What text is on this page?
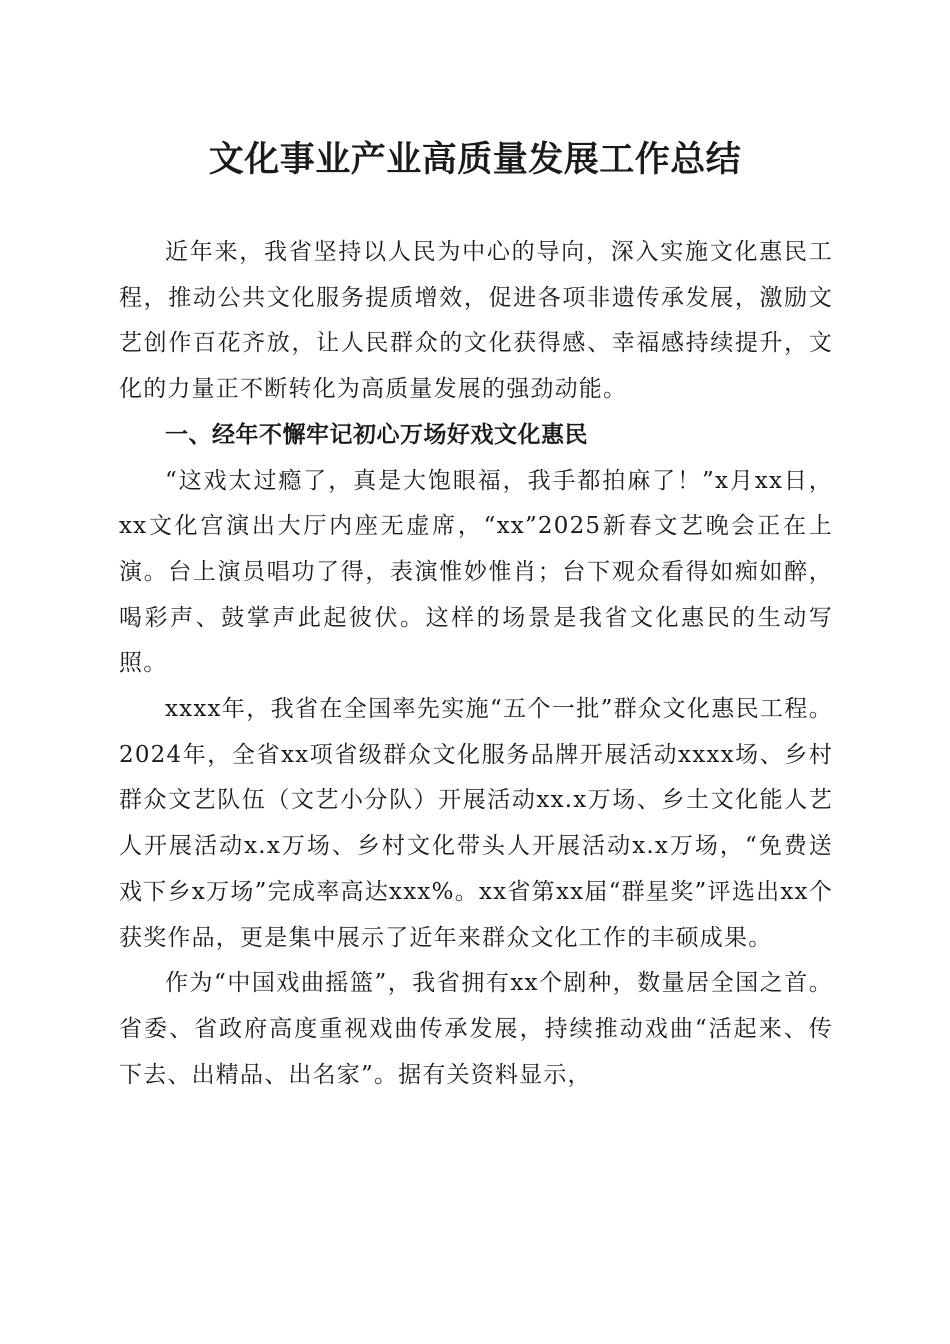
文化事业产业高质量发展工作总结

近年来，我省坚持以人民为中心的导向，深入实施文化惠民工程，推动公共文化服务提质增效，促进各项非遗传承发展，激励文艺创作百花齐放，让人民群众的文化获得感、幸福感持续提升，文化的力量正不断转化为高质量发展的强劲动能。

一、经年不懈牢记初心万场好戏文化惠民

“这戏太过瘾了，真是大饱眼福，我手都拍麻了！”x月xx日，xx文化宫演出大厅内座无虚席，“xx”2025新春文艺晚会正在上演。台上演员唱功了得，表演惟妙惟肖；台下观众看得如痴如醉，喝彩声、鼓掌声此起彼伏。这样的场景是我省文化惠民的生动写照。

xxxx年，我省在全国率先实施“五个一批”群众文化惠民工程。2024年，全省xx项省级群众文化服务品牌开展活动xxxx场、乡村群众文艺队伍（文艺小分队）开展活动xx.x万场、乡土文化能人艺人开展活动x.x万场、乡村文化带头人开展活动x.x万场，“免费送戏下乡x万场”完成率高达xxx%。xx省第xx届“群星奖”评选出xx个获奖作品，更是集中展示了近年来群众文化工作的丰硕成果。

作为“中国戏曲摇篮”，我省拥有xx个剧种，数量居全国之首。省委、省政府高度重视戏曲传承发展，持续推动戏曲“活起来、传下去、出精品、出名家”。据有关资料显示，
